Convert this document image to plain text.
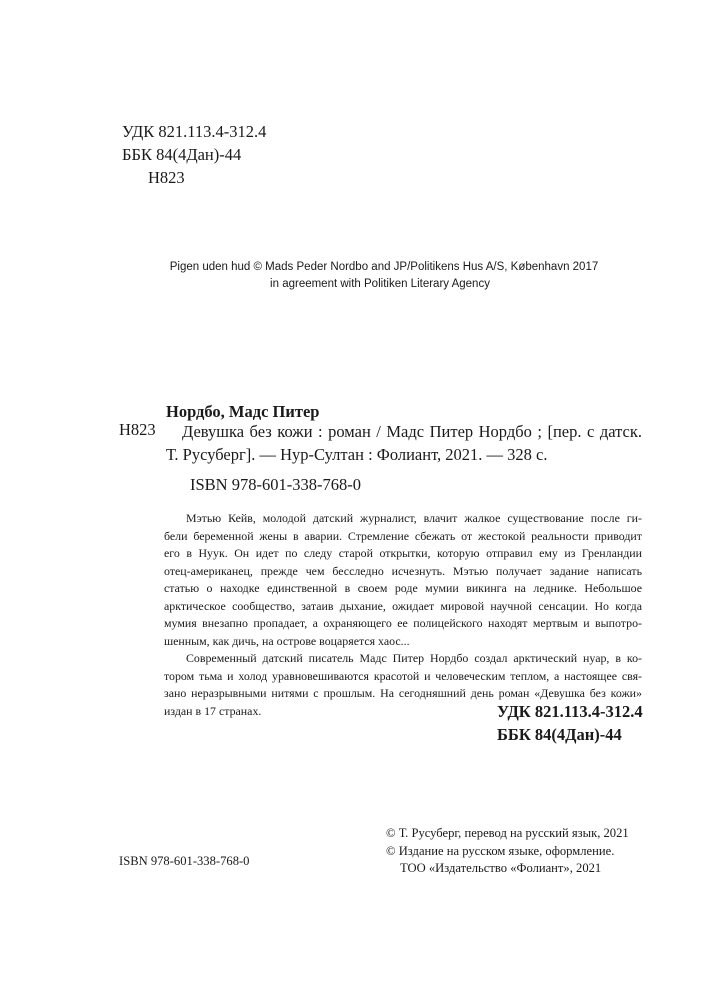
УДК 821.113.4-312.4
ББК 84(4Дан)-44
Н823
Pigen uden hud © Mads Peder Nordbo and JP/Politikens Hus A/S, København 2017
in agreement with Politiken Literary Agency
Нордбо, Мадс Питер
Н823	Девушка без кожи : роман / Мадс Питер Нордбо ; [пер. с датск.
Т. Русуберг]. — Нур-Султан : Фолиант, 2021. — 328 с.
ISBN 978-601-338-768-0

Мэтью Кейв, молодой датский журналист, влачит жалкое существование после ги-
бели беременной жены в аварии. Стремление сбежать от жестокой реальности приводит
его в Нуук. Он идет по следу старой открытки, которую отправил ему из Гренландии
отец-американец, прежде чем бесследно исчезнуть. Мэтью получает задание написать
статью о находке единственной в своем роде мумии викинга на леднике. Небольшое
арктическое сообщество, затаив дыхание, ожидает мировой научной сенсации. Но когда
мумия внезапно пропадает, а охраняющего ее полицейского находят мертвым и выпотро-
шенным, как дичь, на острове воцаряется хаос...

Современный датский писатель Мадс Питер Нордбо создал арктический нуар, в ко-
тором тьма и холод уравновешиваются красотой и человеческим теплом, а настоящее свя-
зано неразрывными нитями с прошлым. На сегодняшний день роман «Девушка без кожи»
издан в 17 странах.	УДК 821.113.4-312.4
ББК 84(4Дан)-44
© Т. Русуберг, перевод на русский язык, 2021
© Издание на русском языке, оформление.
ТОО «Издательство «Фолиант», 2021
ISBN 978-601-338-768-0
